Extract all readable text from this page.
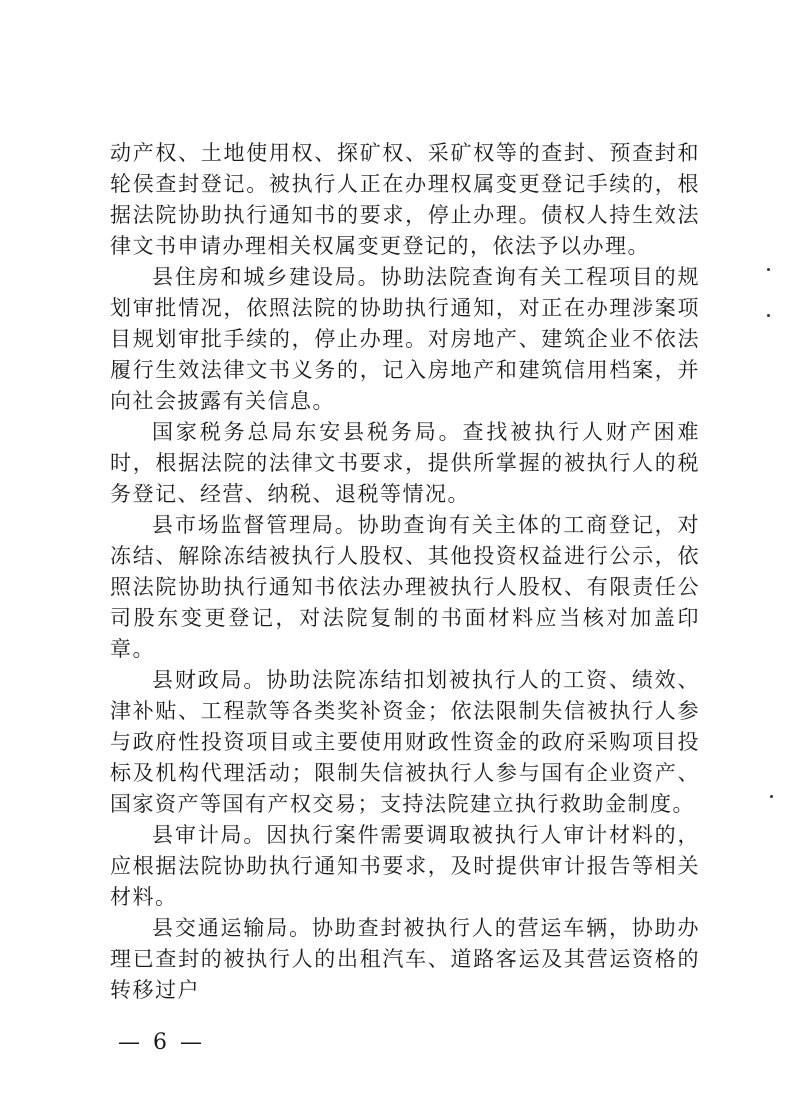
动产权、土地使用权、探矿权、采矿权等的查封、预查封和轮侯查封登记。被执行人正在办理权属变更登记手续的，根据法院协助执行通知书的要求，停止办理。债权人持生效法律文书申请办理相关权属变更登记的，依法予以办理。

县住房和城乡建设局。协助法院查询有关工程项目的规划审批情况，依照法院的协助执行通知，对正在办理涉案项目规划审批手续的，停止办理。对房地产、建筑企业不依法履行生效法律文书义务的，记入房地产和建筑信用档案，并向社会披露有关信息。

国家税务总局东安县税务局。查找被执行人财产困难时，根据法院的法律文书要求，提供所掌握的被执行人的税务登记、经营、纳税、退税等情况。

县市场监督管理局。协助查询有关主体的工商登记，对冻结、解除冻结被执行人股权、其他投资权益进行公示，依照法院协助执行通知书依法办理被执行人股权、有限责任公司股东变更登记，对法院复制的书面材料应当核对加盖印章。

县财政局。协助法院冻结扣划被执行人的工资、绩效、津补贴、工程款等各类奖补资金；依法限制失信被执行人参与政府性投资项目或主要使用财政性资金的政府采购项目投标及机构代理活动；限制失信被执行人参与国有企业资产、国家资产等国有产权交易；支持法院建立执行救助金制度。

县审计局。因执行案件需要调取被执行人审计材料的，应根据法院协助执行通知书要求，及时提供审计报告等相关材料。

县交通运输局。协助查封被执行人的营运车辆，协助办理已查封的被执行人的出租汽车、道路客运及其营运资格的转移过户

— 6 —
